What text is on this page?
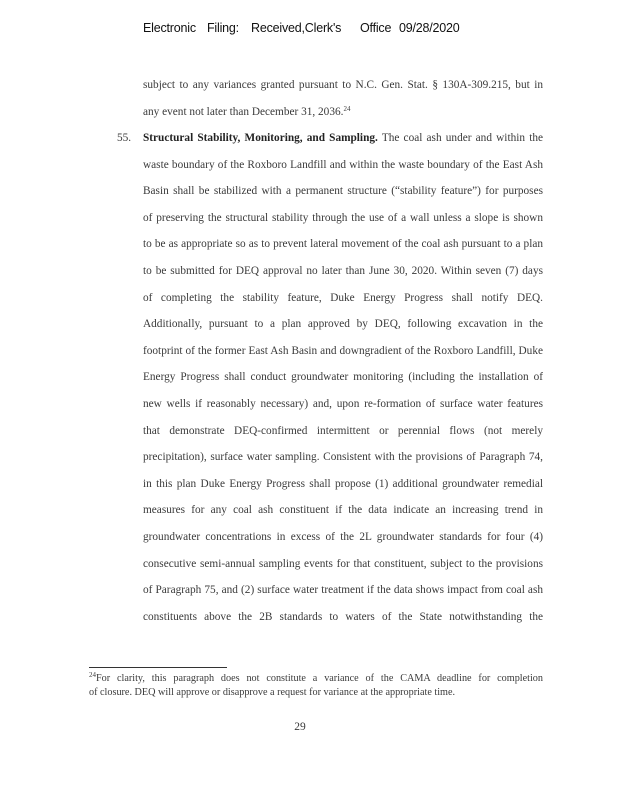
Electronic Filing: Received,Clerk's Office 09/28/2020
subject to any variances granted pursuant to N.C. Gen. Stat. § 130A-309.215, but in
any event not later than December 31, 2036.24
55. Structural Stability, Monitoring, and Sampling. The coal ash under and within the
waste boundary of the Roxboro Landfill and within the waste boundary of the East Ash
Basin shall be stabilized with a permanent structure (“stability feature”) for purposes
of preserving the structural stability through the use of a wall unless a slope is shown
to be as appropriate so as to prevent lateral movement of the coal ash pursuant to a plan
to be submitted for DEQ approval no later than June 30, 2020. Within seven (7) days
of completing the stability feature, Duke Energy Progress shall notify DEQ.
Additionally, pursuant to a plan approved by DEQ, following excavation in the
footprint of the former East Ash Basin and downgradient of the Roxboro Landfill, Duke
Energy Progress shall conduct groundwater monitoring (including the installation of
new wells if reasonably necessary) and, upon re-formation of surface water features
that demonstrate DEQ-confirmed intermittent or perennial flows (not merely
precipitation), surface water sampling. Consistent with the provisions of Paragraph 74,
in this plan Duke Energy Progress shall propose (1) additional groundwater remedial
measures for any coal ash constituent if the data indicate an increasing trend in
groundwater concentrations in excess of the 2L groundwater standards for four (4)
consecutive semi-annual sampling events for that constituent, subject to the provisions
of Paragraph 75, and (2) surface water treatment if the data shows impact from coal ash
constituents above the 2B standards to waters of the State notwithstanding the
$^{24}$For clarity, this paragraph does not constitute a variance of the CAMA deadline for completion
of closure. DEQ will approve or disapprove a request for variance at the appropriate time.
29
